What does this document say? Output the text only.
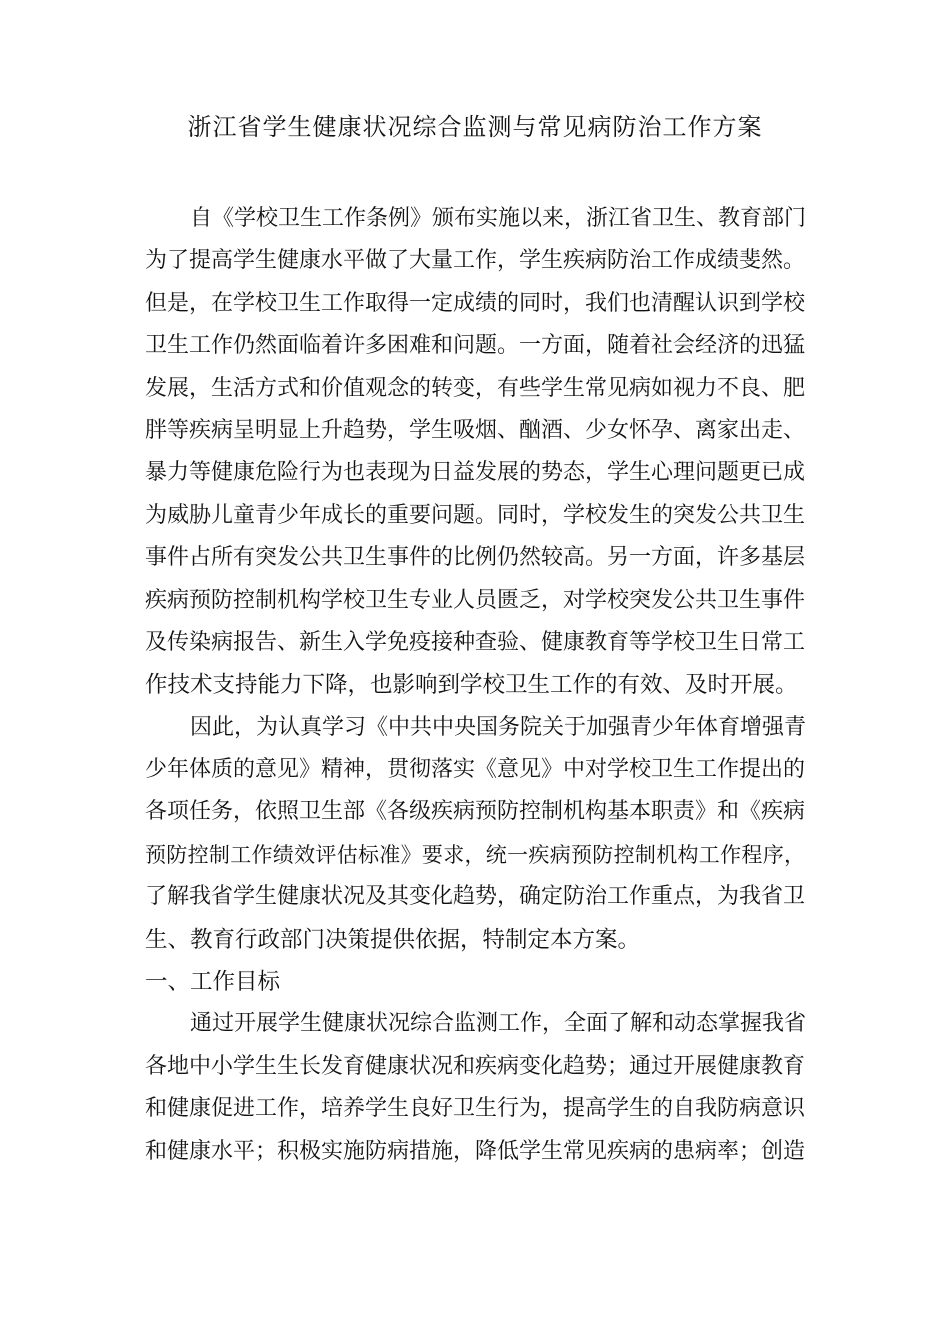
浙江省学生健康状况综合监测与常见病防治工作方案
自《学校卫生工作条例》颁布实施以来，浙江省卫生、教育部门
为了提高学生健康水平做了大量工作，学生疾病防治工作成绩斐然。
但是，在学校卫生工作取得一定成绩的同时，我们也清醒认识到学校
卫生工作仍然面临着许多困难和问题。一方面，随着社会经济的迅猛
发展，生活方式和价值观念的转变，有些学生常见病如视力不良、肥
胖等疾病呈明显上升趋势，学生吸烟、酗酒、少女怀孕、离家出走、
暴力等健康危险行为也表现为日益发展的势态，学生心理问题更已成
为威胁儿童青少年成长的重要问题。同时，学校发生的突发公共卫生
事件占所有突发公共卫生事件的比例仍然较高。另一方面，许多基层
疾病预防控制机构学校卫生专业人员匮乏，对学校突发公共卫生事件
及传染病报告、新生入学免疫接种查验、健康教育等学校卫生日常工
作技术支持能力下降，也影响到学校卫生工作的有效、及时开展。
因此，为认真学习《中共中央国务院关于加强青少年体育增强青
少年体质的意见》精神，贯彻落实《意见》中对学校卫生工作提出的
各项任务，依照卫生部《各级疾病预防控制机构基本职责》和《疾病
预防控制工作绩效评估标准》要求，统一疾病预防控制机构工作程序，
了解我省学生健康状况及其变化趋势，确定防治工作重点，为我省卫
生、教育行政部门决策提供依据，特制定本方案。
一、工作目标
通过开展学生健康状况综合监测工作，全面了解和动态掌握我省
各地中小学生生长发育健康状况和疾病变化趋势；通过开展健康教育
和健康促进工作，培养学生良好卫生行为，提高学生的自我防病意识
和健康水平；积极实施防病措施，降低学生常见疾病的患病率；创造
